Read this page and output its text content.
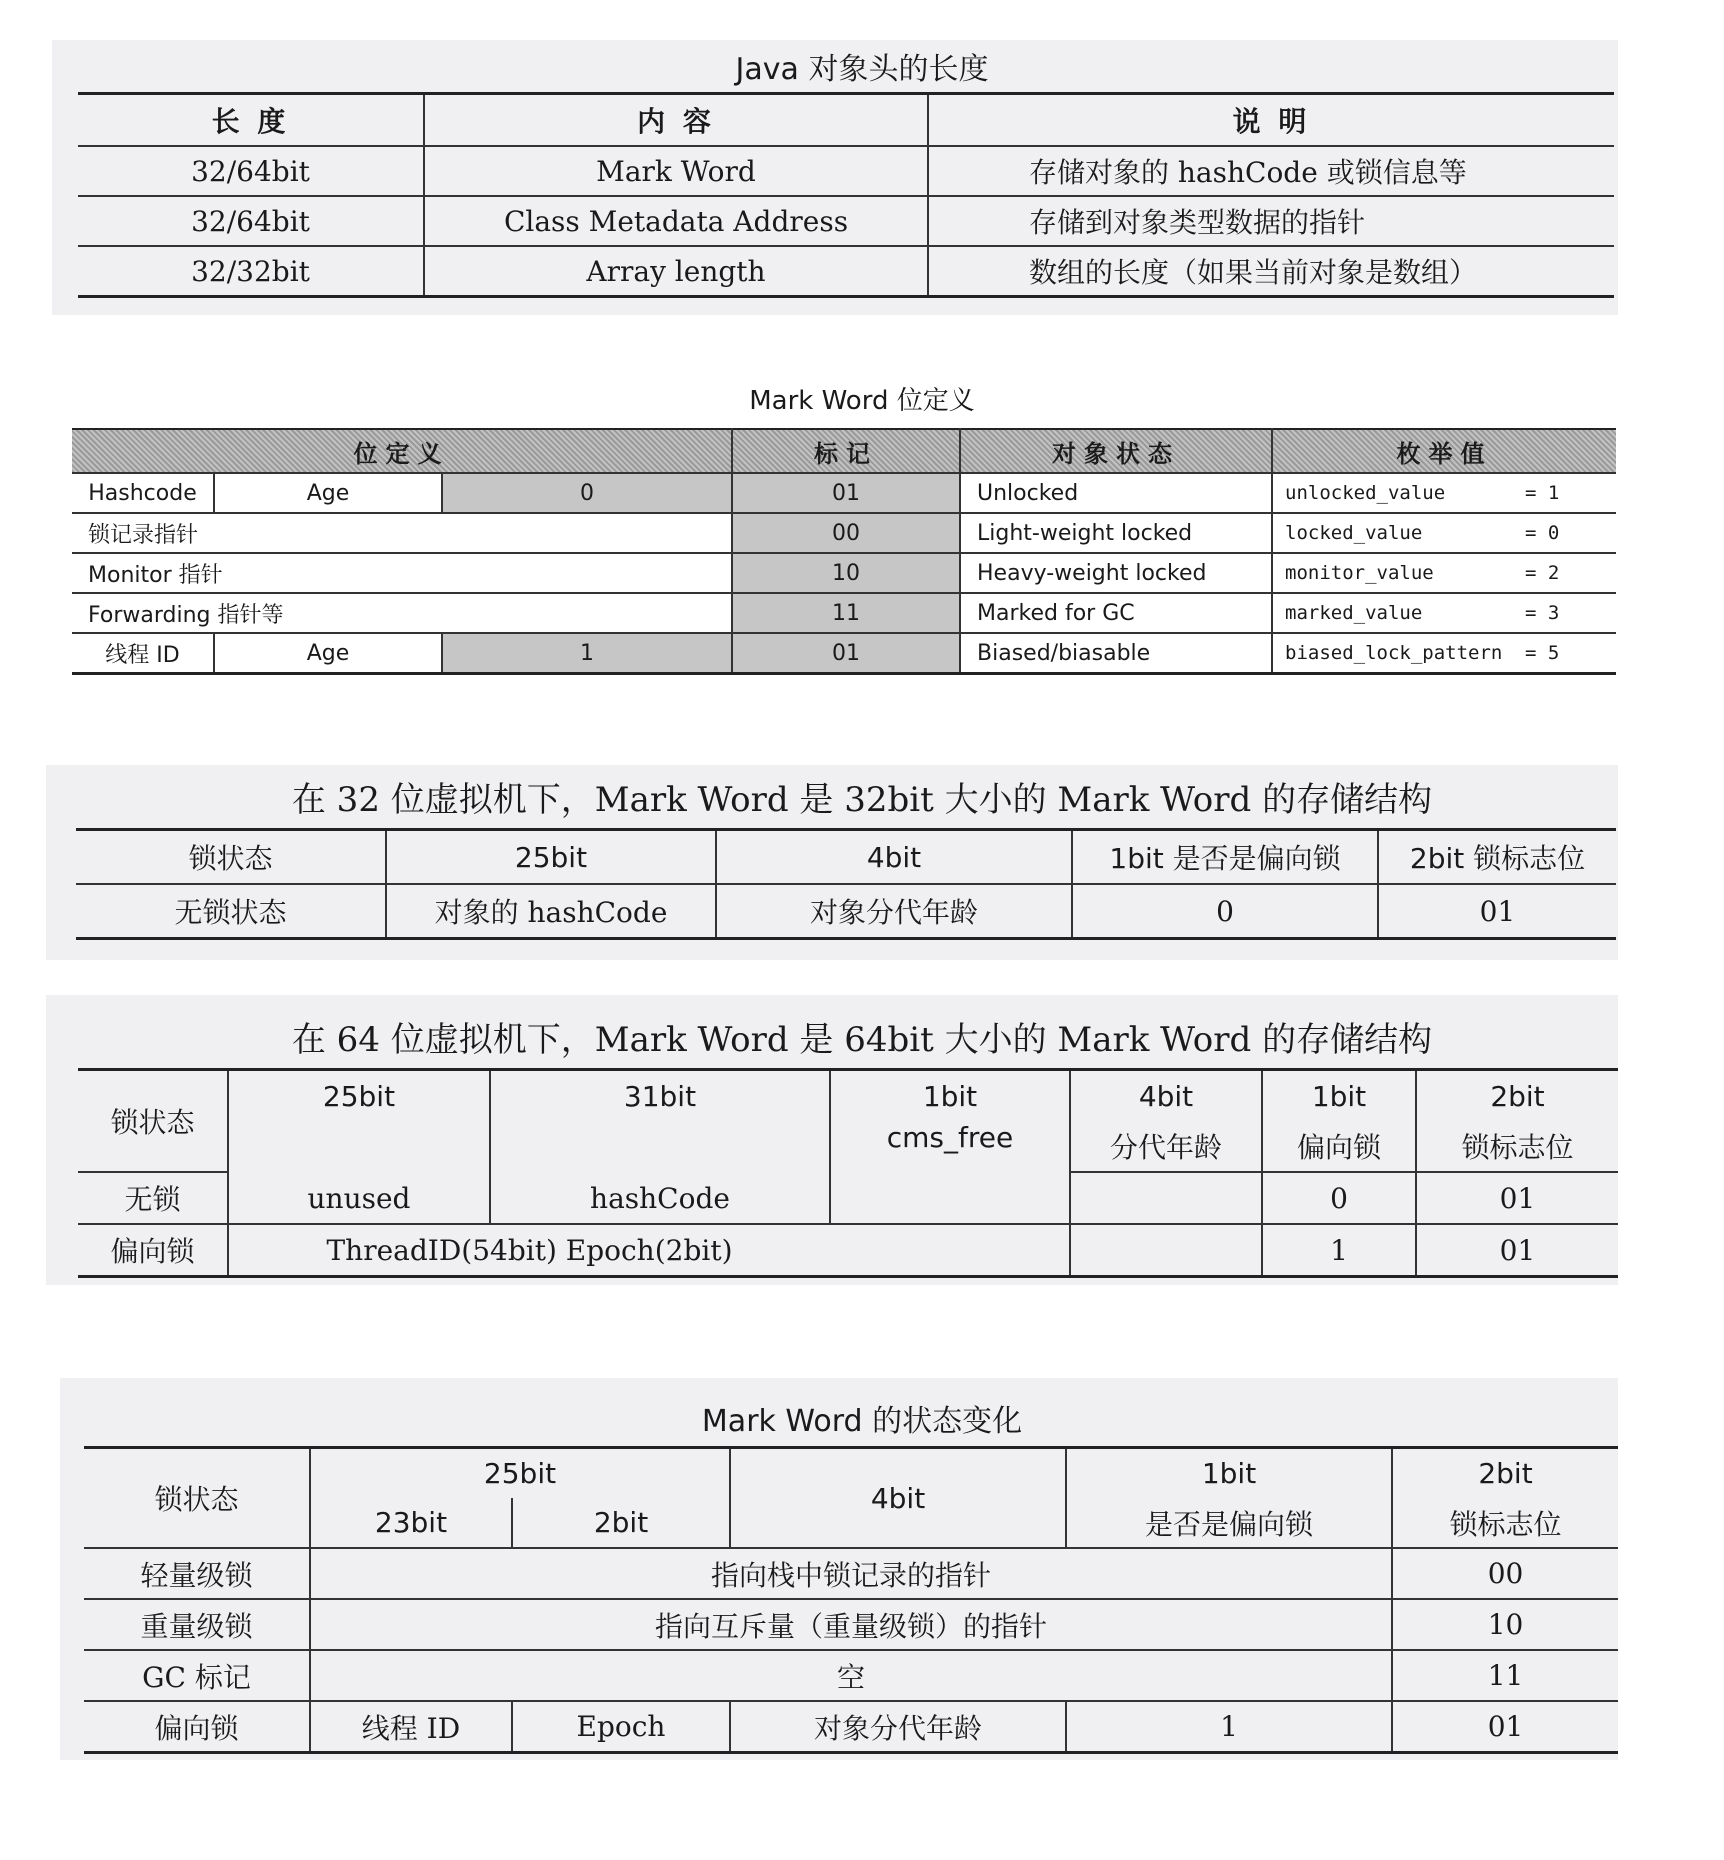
Java 对象头的长度
长 度	内 容	说 明
32/64bit	Mark Word	存储对象的 hashCode 或锁信息等
32/64bit	Class Metadata Address	存储到对象类型数据的指针
32/32bit	Array length	数组的长度（如果当前对象是数组）
Mark Word 位定义
位定义			标记	对象状态	枚举值
Hashcode	Age	0	01	Unlocked	unlocked_value = 1
锁记录指针			00	Light-weight locked	locked_value = 0
Monitor 指针			10	Heavy-weight locked	monitor_value = 2
Forwarding 指针等			11	Marked for GC	marked_value = 3
线程 ID	Age	1	01	Biased/biasable	biased_lock_pattern = 5
在 32 位虚拟机下，Mark Word 是 32bit 大小的 Mark Word 的存储结构
锁状态	25bit	4bit	1bit 是否是偏向锁	2bit 锁标志位
无锁状态	对象的 hashCode	对象分代年龄	0	01
在 64 位虚拟机下，Mark Word 是 64bit 大小的 Mark Word 的存储结构
锁状态	25bit	31bit	1bit	4bit	1bit	2bit
	unused	hashCode	cms_free	分代年龄	偏向锁	锁标志位
无锁					0	01
偏向锁	ThreadID(54bit) Epoch(2bit)				1	01
Mark Word 的状态变化
锁状态	25bit		4bit	1bit	2bit
	23bit	2bit		是否是偏向锁	锁标志位
轻量级锁	指向栈中锁记录的指针				00
重量级锁	指向互斥量（重量级锁）的指针				10
GC 标记	空				11
偏向锁	线程 ID	Epoch	对象分代年龄	1	01
